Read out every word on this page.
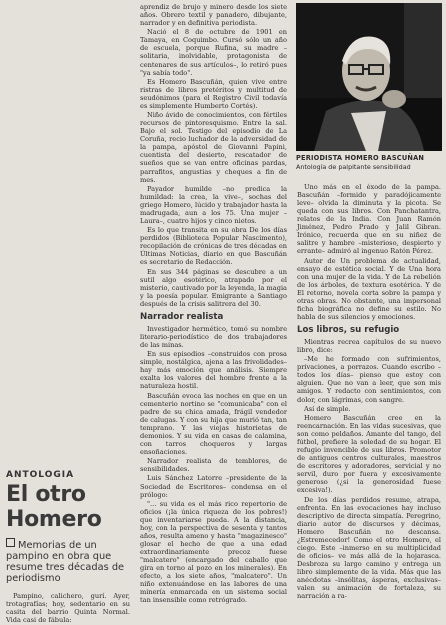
ANTOLOGIA
El otro Homero
Memorias de un pampino en obra que resume tres décadas de periodismo

Pampino, calichero, gurí. Ayer, trotagrafías; hoy, sedentario en su casita del barrio Quinta Normal. Vida casi de fábula:

aprendiz de brujo y minero desde los siete años. Obrero textil y panadero, dibujante, narrador y en definitiva periodista.

Nació el 8 de octubre de 1901 en Tamaya, en Coquimbo. Cursó sólo un año de escuela, porque Rufina, su madre –solitaria, inolvidable, protagonista de centenares de sus artículos–, lo retiró pues "ya sabía todo".

Es Homero Bascuñán, quien vive entre ristras de libros pretéritos y multitud de seudónimos (para el Registro Civil todavía es simplemente Humberto Cortés).

Niño ávido de conocimientos, con fértiles recursos de pintoresquismo. Entre la sal. Bajo el sol. Testigo del episodio de La Coruña, recio luchador de la adversidad de la pampa, apóstol de Giovanni Papini, cuentista del desierto, rescatador de sueños que se van entre oficinas pardas, parrafitos, angustias y cheques a fin de mes.

Payador humilde –no predica la humildad: la crea, la vive–, sochas del griego Homero, lúcido y trabajador hasta la madrugada, aun a los 75. Una mujer –Laura–, cuatro hijos y cinco nietos.

Es lo que transita en su obra De los días perdidos (Biblioteca Popular Nascimento), recopilación de crónicas de tres décadas en Últimas Noticias, diario en que Bascuñán es secretario de Redacción.

En sus 344 páginas se descubre a un sutil algo esotérico, atrapado por el misterio, cautivado por la leyenda, la magia y la poesía popular. Emigrante a Santiago después de la crisis salitrera del 30.

Narrador realista

Investigador hermético, tomó su nombre literario-periodístico de dos trabajadores de las minas.

En sus episodios –construidos con prosa simple, nostálgica, ajena a las frivolidades– hay más emoción que análisis. Siempre exalta los valores del hombre frente a la naturaleza hostil.

Bascuñán evoca las noches en que en un cementerio nortino se "comunicaba" con el padre de su chica amada, frágil vendedor de calugas. Y con su hija que murió tan, tan temprano. Y las viejas historietas de demonios. Y su vida en casas de calamina, con tarros choqueros y largas ensoñaciones.

Narrador realista de temblores, de sensibilidades.

Luis Sánchez Latorre –presidente de la Sociedad de Escritores– condensa en el prólogo:

"... su vida es el más rico repertorio de oficios (¡la única riqueza de los pobres!) que inventariarse pueda. A la distancia, hoy, con la perspectiva de sesenta y tantos años, resulta ameno y hasta "magazinesco" glosar el hecho de que a una edad extraordinariamente precoz fuese "malcatero" (encargado del caballo que gira en torno al pozo en los minerales). En efecto, a los siete años, "malcatero". Un niño extenuándose en las labores de una minería enmarcada en un sistema social tan insensible como retrógrado.

PERIODISTA HOMERO BASCUÑAN
Antología de palpitante sensibilidad

Uno más en el éxodo de la pampa. Bascuñán –formido y paradójicamente leve– olvida la diminuta y la picota. Se queda con sus libros. Con Panchatantra, relatos de la India. Con Juan Ramón Jiménez, Pedro Prado y Jalil Gibran. Irónico, recuerda que en su niñez de salitre y hambre –misterioso, despierto y errante– admiró al ingenuo Ratón Pérez.

Autor de Un problema de actualidad, ensayo de estética social. Y de Una hora con una mujer de la vida. Y de La rebelión de los árboles, de textura esotérica. Y de El retorno, novela corta sobre la pampa y otras obras. No obstante, una impersonal ficha biográfica no define su estilo. No habla de sus silencios y emociones.

Los libros, su refugio

Mientras recrea capítulos de su nuevo libro, dice:

–Me he formado con sufrimientos, privaciones, a porrazos. Cuando escribo –todos los días– pienso que estoy con alguien. Que no van a leer, que son mis amigos. Y redacto con sentimientos, con dolor, con lágrimas, con sangre.

Así de simple.

Homero Bascuñán cree en la reencarnación. En las vidas sucesivas, que son como peldaños. Amante del tango, del fútbol, prefiere la soledad de su hogar. El refugio invencible de sus libros. Promotor de antiguos centros culturales, maestros de escritores y adoradores, servicial y no servil, duro por fuera y excesivamente generoso (¿si la generosidad fuese excesiva!).

De los días perdidos resume, atrapa, enfrenta. En las evocaciones hay incluso descriptivo de directa simpatía. Peregrino, diario autor de discursos y décimas, Homero Bascuñán no descansa. ¿Estremecedor! Como el otro Homero, el ciego. Este –inmerso en su multiplicidad de oficios– ve más allá de la hojarasca. Desbroza su largo camino y entrega un libro simplemente de la vida. Más que las anécdotas –insólitas, ásperas, exclusivas– valen su animación de fortaleza, su narración a ra-
